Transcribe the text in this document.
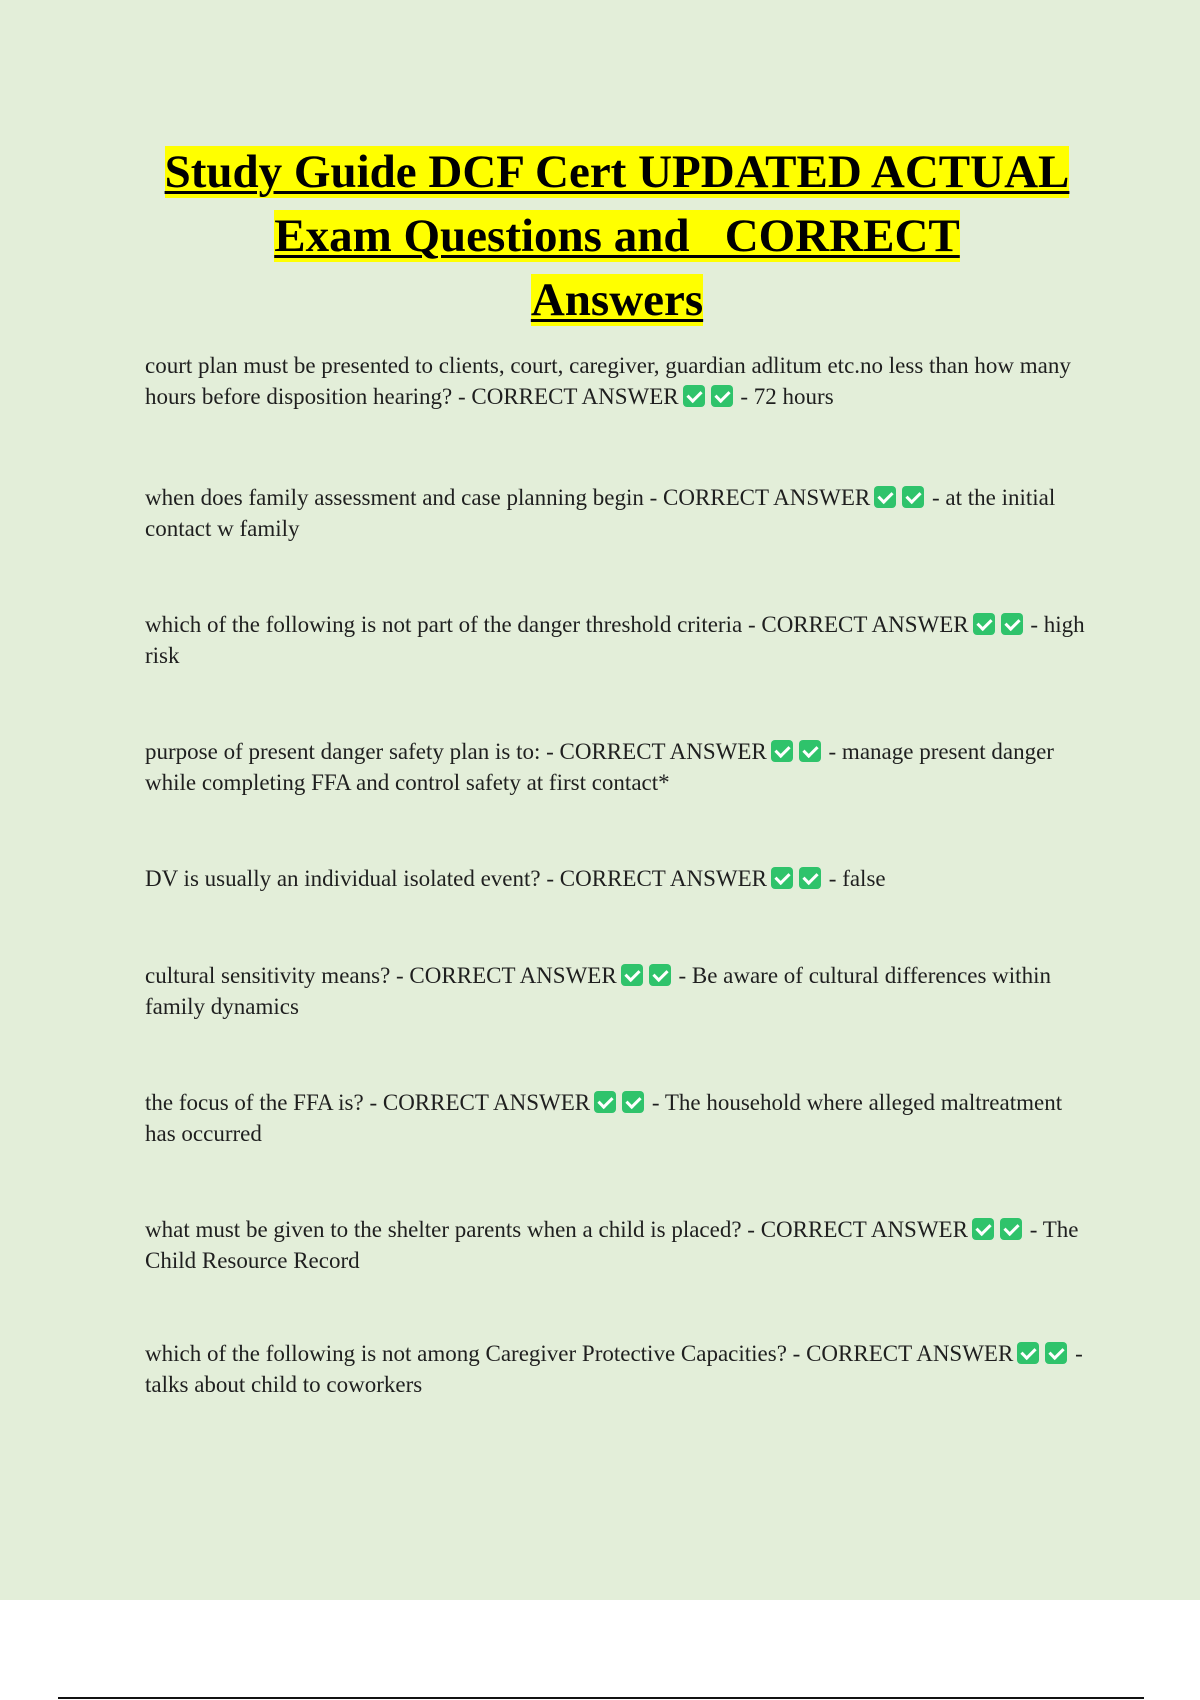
Study Guide DCF Cert UPDATED ACTUAL
Exam Questions and   CORRECT
Answers
court plan must be presented to clients, court, caregiver, guardian adlitum etc.no less than how many hours before disposition hearing? - CORRECT ANSWER	- 72 hours
when does family assessment and case planning begin - CORRECT ANSWER	- at the initial contact w family
which of the following is not part of the danger threshold criteria - CORRECT ANSWER	- high risk
purpose of present danger safety plan is to: - CORRECT ANSWER	- manage present danger while completing FFA and control safety at first contact*
DV is usually an individual isolated event? - CORRECT ANSWER	- false
cultural sensitivity means? - CORRECT ANSWER	- Be aware of cultural differences within family dynamics
the focus of the FFA is? - CORRECT ANSWER	- The household where alleged maltreatment has occurred
what must be given to the shelter parents when a child is placed? - CORRECT ANSWER	- The Child Resource Record
which of the following is not among Caregiver Protective Capacities? - CORRECT ANSWER	- talks about child to coworkers
